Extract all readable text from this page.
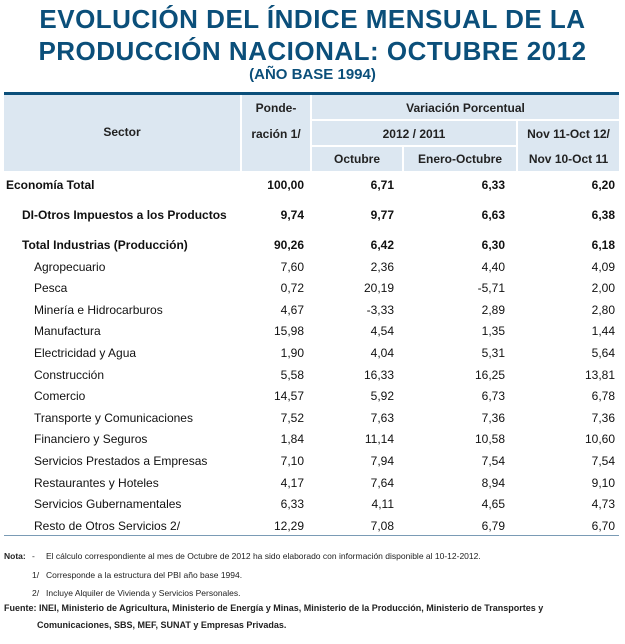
EVOLUCIÓN DEL ÍNDICE MENSUAL DE LA
PRODUCCIÓN NACIONAL: OCTUBRE 2012
(AÑO BASE 1994)
Sector
Pondе-
ración 1/
Variación Porcentual
2012 / 2011
Octubre	Enero-Octubre
Nov 11-Oct 12/
Nov 10-Oct 11
Economía Total	100,00	6,71	6,33	6,20
DI-Otros Impuestos a los Productos	9,74	9,77	6,63	6,38
Total Industrias (Producción)	90,26	6,42	6,30	6,18
Agropecuario	7,60	2,36	4,40	4,09
Pesca	0,72	20,19	-5,71	2,00
Minería e Hidrocarburos	4,67	-3,33	2,89	2,80
Manufactura	15,98	4,54	1,35	1,44
Electricidad y Agua	1,90	4,04	5,31	5,64
Construcción	5,58	16,33	16,25	13,81
Comercio	14,57	5,92	6,73	6,78
Transporte y Comunicaciones	7,52	7,63	7,36	7,36
Financiero y Seguros	1,84	11,14	10,58	10,60
Servicios Prestados a Empresas	7,10	7,94	7,54	7,54
Restaurantes y Hoteles	4,17	7,64	8,94	9,10
Servicios Gubernamentales	6,33	4,11	4,65	4,73
Resto de Otros Servicios 2/	12,29	7,08	6,79	6,70
Nota: - El cálculo correspondiente al mes de Octubre de 2012 ha sido elaborado con información disponible al 10-12-2012.
1/ Corresponde a la estructura del PBI año base 1994.
2/ Incluye Alquiler de Vivienda y Servicios Personales.
Fuente: INEI, Ministerio de Agricultura, Ministerio de Energía y Minas, Ministerio de la Producción, Ministerio de Transportes y
Comunicaciones, SBS, MEF, SUNAT y Empresas Privadas.
